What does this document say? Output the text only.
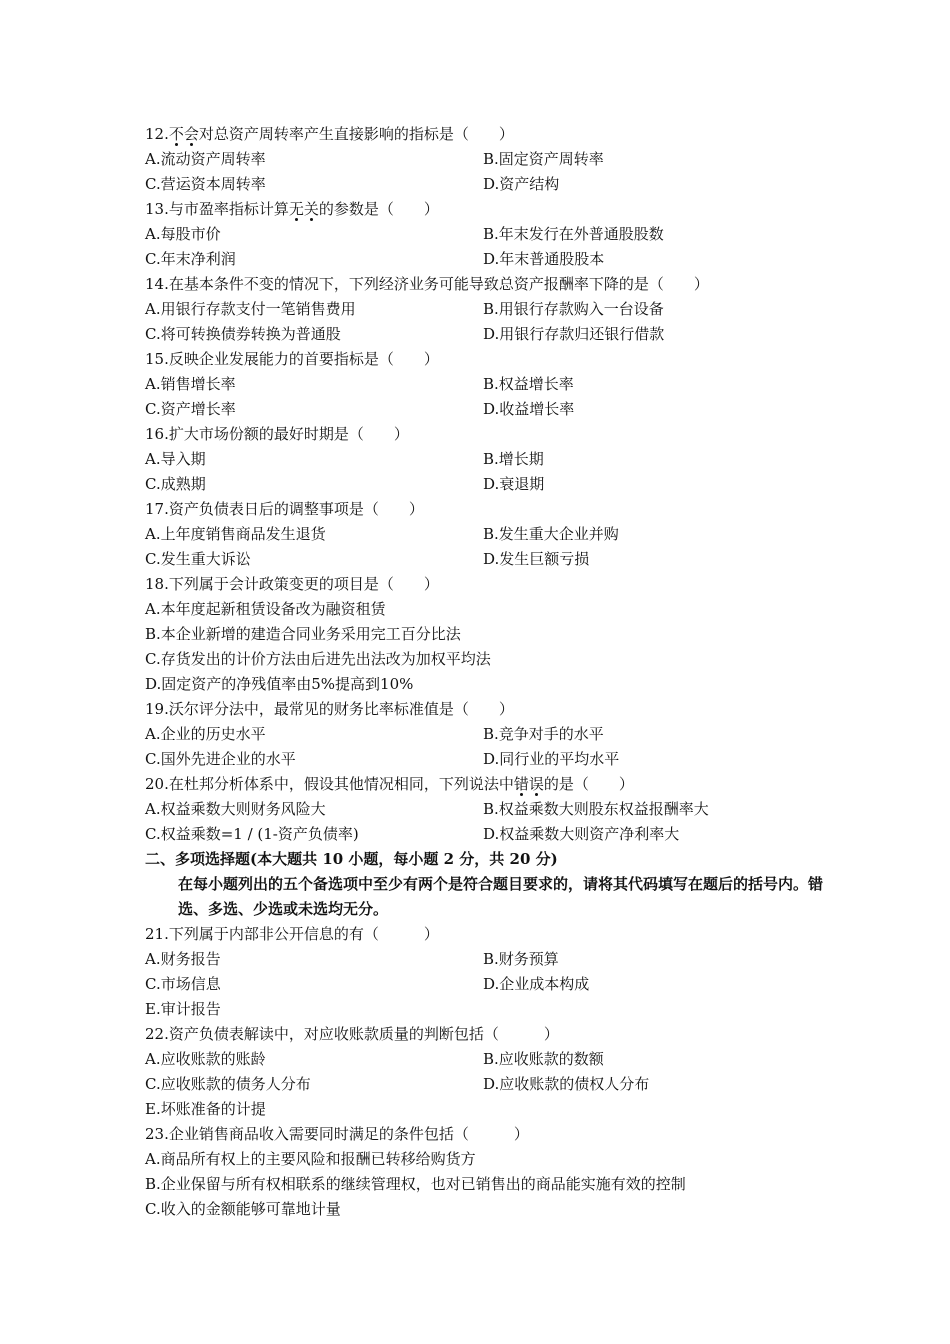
12.不会对总资产周转率产生直接影响的指标是（　　）
A.流动资产周转率	B.固定资产周转率
C.营运资本周转率	D.资产结构
13.与市盈率指标计算无关的参数是（　　）
A.每股市价	B.年末发行在外普通股股数
C.年末净利润	D.年末普通股股本
14.在基本条件不变的情况下，下列经济业务可能导致总资产报酬率下降的是（　　）
A.用银行存款支付一笔销售费用	B.用银行存款购入一台设备
C.将可转换债券转换为普通股	D.用银行存款归还银行借款
15.反映企业发展能力的首要指标是（　　）
A.销售增长率	B.权益增长率
C.资产增长率	D.收益增长率
16.扩大市场份额的最好时期是（　　）
A.导入期	B.增长期
C.成熟期	D.衰退期
17.资产负债表日后的调整事项是（　　）
A.上年度销售商品发生退货	B.发生重大企业并购
C.发生重大诉讼	D.发生巨额亏损
18.下列属于会计政策变更的项目是（　　）
A.本年度起新租赁设备改为融资租赁
B.本企业新增的建造合同业务采用完工百分比法
C.存货发出的计价方法由后进先出法改为加权平均法
D.固定资产的净残值率由5%提高到10%
19.沃尔评分法中，最常见的财务比率标准值是（　　）
A.企业的历史水平	B.竞争对手的水平
C.国外先进企业的水平	D.同行业的平均水平
20.在杜邦分析体系中，假设其他情况相同，下列说法中错误的是（　　）
A.权益乘数大则财务风险大	B.权益乘数大则股东权益报酬率大
C.权益乘数=1 / (1-资产负债率)	D.权益乘数大则资产净利率大
二、多项选择题(本大题共 10 小题，每小题 2 分，共 20 分)
在每小题列出的五个备选项中至少有两个是符合题目要求的，请将其代码填写在题后的括号内。错选、多选、少选或未选均无分。
21.下列属于内部非公开信息的有（　　　）
A.财务报告	B.财务预算
C.市场信息	D.企业成本构成
E.审计报告
22.资产负债表解读中，对应收账款质量的判断包括（　　　）
A.应收账款的账龄	B.应收账款的数额
C.应收账款的债务人分布	D.应收账款的债权人分布
E.坏账准备的计提
23.企业销售商品收入需要同时满足的条件包括（　　　）
A.商品所有权上的主要风险和报酬已转移给购货方
B.企业保留与所有权相联系的继续管理权，也对已销售出的商品能实施有效的控制
C.收入的金额能够可靠地计量
